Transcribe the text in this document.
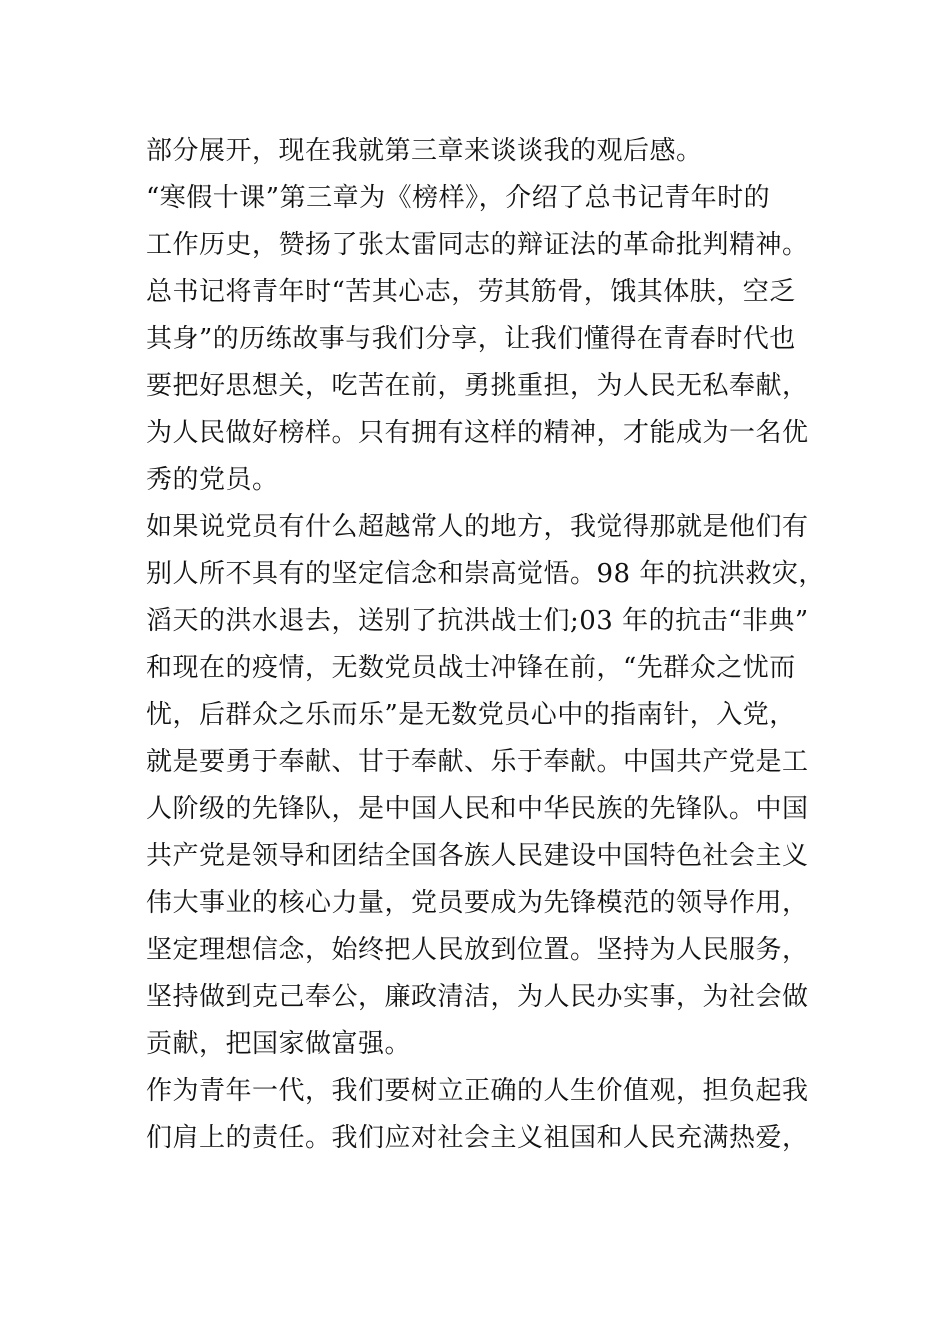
部分展开，现在我就第三章来谈谈我的观后感。
“寒假十课”第三章为《榜样》，介绍了总书记青年时的
工作历史，赞扬了张太雷同志的辩证法的革命批判精神。
总书记将青年时“苦其心志，劳其筋骨，饿其体肤，空乏
其身”的历练故事与我们分享，让我们懂得在青春时代也
要把好思想关，吃苦在前，勇挑重担，为人民无私奉献，
为人民做好榜样。只有拥有这样的精神，才能成为一名优
秀的党员。
如果说党员有什么超越常人的地方，我觉得那就是他们有
别人所不具有的坚定信念和崇高觉悟。98 年的抗洪救灾，
滔天的洪水退去，送别了抗洪战士们;03 年的抗击“非典”
和现在的疫情，无数党员战士冲锋在前，“先群众之忧而
忧，后群众之乐而乐”是无数党员心中的指南针，入党，
就是要勇于奉献、甘于奉献、乐于奉献。中国共产党是工
人阶级的先锋队，是中国人民和中华民族的先锋队。中国
共产党是领导和团结全国各族人民建设中国特色社会主义
伟大事业的核心力量，党员要成为先锋模范的领导作用，
坚定理想信念，始终把人民放到位置。坚持为人民服务，
坚持做到克己奉公，廉政清洁，为人民办实事，为社会做
贡献，把国家做富强。
作为青年一代，我们要树立正确的人生价值观，担负起我
们肩上的责任。我们应对社会主义祖国和人民充满热爱，
